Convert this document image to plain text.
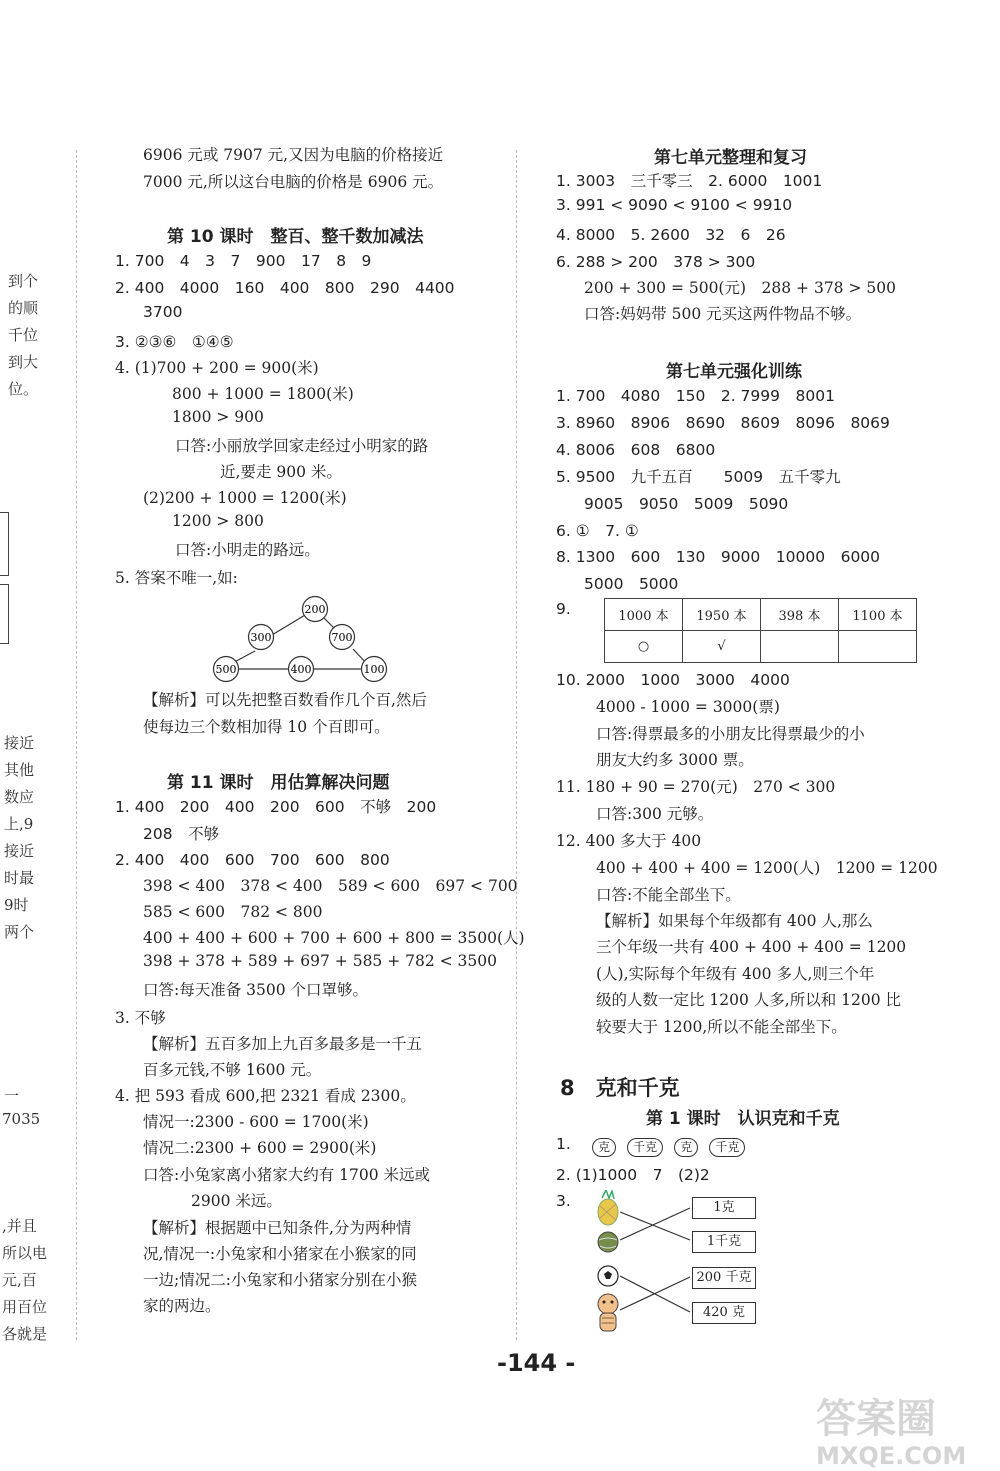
到个
的顺
千位
到大
位。
接近
其他
数应
上,9
接近
时最
9时
两个
一
7035
,并且
所以电
元,百
用百位
各就是
6906 元或 7907 元,又因为电脑的价格接近
7000 元,所以这台电脑的价格是 6906 元。
第 10 课时　整百、整千数加减法
1. 700　4　3　7　900　17　8　9
2. 400　4000　160　400　800　290　4400
3700
3. ②③⑥　①④⑤
4. (1)700 + 200 = 900(米)
800 + 1000 = 1800(米)
1800 > 900
口答:小丽放学回家走经过小明家的路
近,要走 900 米。
(2)200 + 1000 = 1200(米)
1200 > 800
口答:小明走的路远。
5. 答案不唯一,如:
200
300	700
500	400	100
【解析】可以先把整百数看作几个百,然后
使每边三个数相加得 10 个百即可。
第 11 课时　用估算解决问题
1. 400　200　400　200　600　不够　200
208　不够
2. 400　400　600　700　600　800
398 < 400　378 < 400　589 < 600　697 < 700
585 < 600　782 < 800
400 + 400 + 600 + 700 + 600 + 800 = 3500(人)
398 + 378 + 589 + 697 + 585 + 782 < 3500
口答:每天准备 3500 个口罩够。
3. 不够
【解析】五百多加上九百多最多是一千五
百多元钱,不够 1600 元。
4. 把 593 看成 600,把 2321 看成 2300。
情况一:2300 - 600 = 1700(米)
情况二:2300 + 600 = 2900(米)
口答:小兔家离小猪家大约有 1700 米远或
2900 米远。
【解析】根据题中已知条件,分为两种情
况,情况一:小兔家和小猪家在小猴家的同
一边;情况二:小兔家和小猪家分别在小猴
家的两边。
第七单元整理和复习
1. 3003　三千零三　2. 6000　1001
3. 991 < 9090 < 9100 < 9910
4. 8000　5. 2600　32　6　26
6. 288 > 200　378 > 300
200 + 300 = 500(元)　288 + 378 > 500
口答:妈妈带 500 元买这两件物品不够。
第七单元强化训练
1. 700　4080　150　2. 7999　8001
3. 8960　8906　8690　8609　8096　8069
4. 8006　608　6800
5. 9500　九千五百　　5009　五千零九
9005　9050　5009　5090
6. ①　7. ①
8. 1300　600　130　9000　10000　6000
5000　5000
9.	1000 本	1950 本	398 本	1100 本
○	√		
10. 2000　1000　3000　4000
4000 - 1000 = 3000(票)
口答:得票最多的小朋友比得票最少的小
朋友大约多 3000 票。
11. 180 + 90 = 270(元)　270 < 300
口答:300 元够。
12. 400 多大于 400
400 + 400 + 400 = 1200(人)　1200 = 1200
口答:不能全部坐下。
【解析】如果每个年级都有 400 人,那么
三个年级一共有 400 + 400 + 400 = 1200
(人),实际每个年级有 400 多人,则三个年
级的人数一定比 1200 人多,所以和 1200 比
较要大于 1200,所以不能全部坐下。
8　克和千克
第 1 课时　认识克和千克
1.	克 千克 克 千克
2. (1)1000　7　(2)2
3.	1克
1千克
200 千克
420 克
-144 -
答案圈
MXQE.COM
